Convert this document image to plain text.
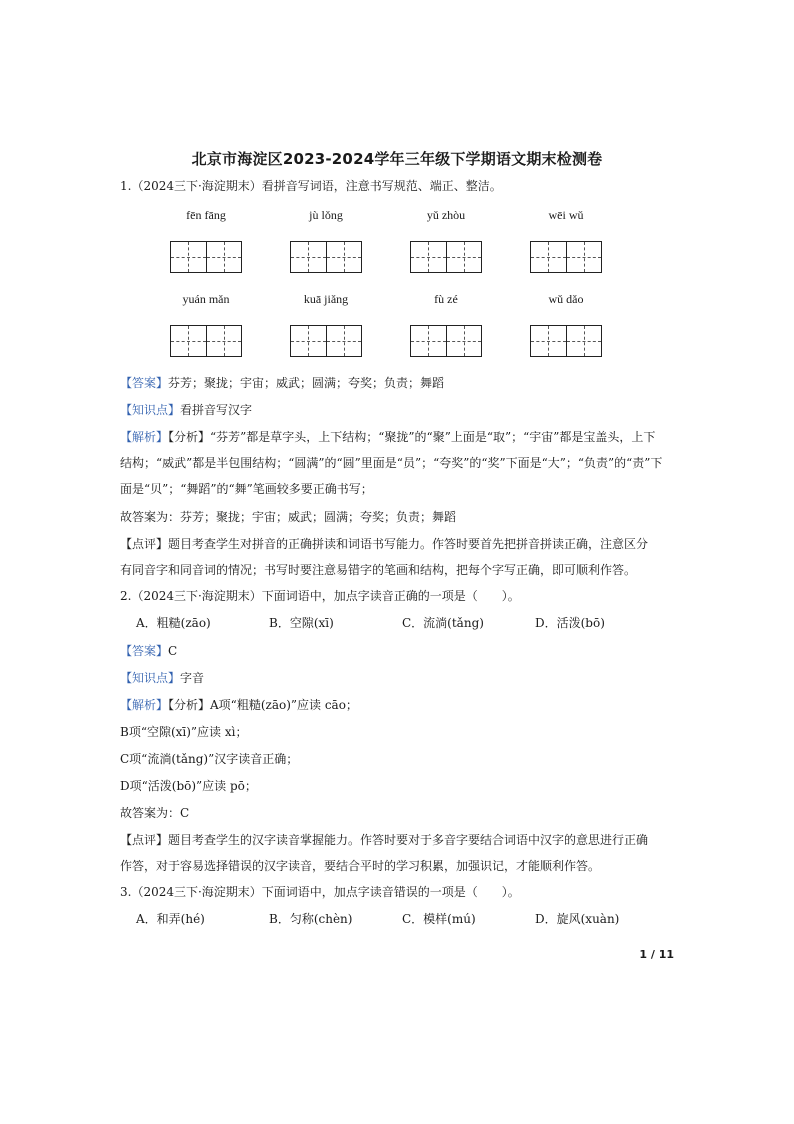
北京市海淀区2023-2024学年三年级下学期语文期末检测卷
1.（2024三下·海淀期末）看拼音写词语，注意书写规范、端正、整洁。
fēn fāng	jù lǒng	yǔ zhòu	wēi wǔ
yuán mǎn	kuā jiǎng	fù zé	wǔ dǎo
【答案】芬芳；聚拢；宇宙；威武；圆满；夸奖；负责；舞蹈
【知识点】看拼音写汉字
【解析】【分析】“芬芳”都是草字头，上下结构；“聚拢”的“聚”上面是“取”；“宇宙”都是宝盖头，上下
结构；“威武”都是半包围结构；“圆满”的“圆”里面是“员”；“夸奖”的“奖”下面是“大”；“负责”的“责”下
面是“贝”；“舞蹈”的“舞”笔画较多要正确书写；
故答案为：芬芳；聚拢；宇宙；威武；圆满；夸奖；负责；舞蹈
【点评】题目考查学生对拼音的正确拼读和词语书写能力。作答时要首先把拼音拼读正确，注意区分
有同音字和同音词的情况；书写时要注意易错字的笔画和结构，把每个字写正确，即可顺利作答。
2.（2024三下·海淀期末）下面词语中，加点字读音正确的一项是（　　）。
A．粗糙(zāo)	B．空隙(xī)	C．流淌(tǎng)	D．活泼(bō)
【答案】C
【知识点】字音
【解析】【分析】A项“粗糙(zāo)”应读 cāo；
B项“空隙(xī)”应读 xì；
C项“流淌(tǎng)”汉字读音正确；
D项“活泼(bō)”应读 pō；
故答案为：C
【点评】题目考查学生的汉字读音掌握能力。作答时要对于多音字要结合词语中汉字的意思进行正确
作答，对于容易选择错误的汉字读音，要结合平时的学习积累，加强识记，才能顺利作答。
3.（2024三下·海淀期末）下面词语中，加点字读音错误的一项是（　　）。
A．和弄(hé)	B．匀称(chèn)	C．模样(mú)	D．旋风(xuàn)
1 / 11
